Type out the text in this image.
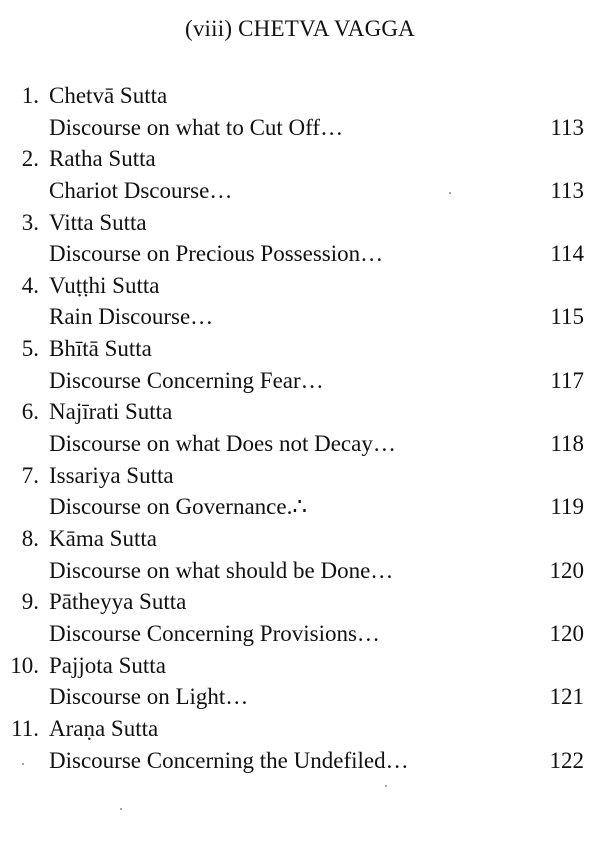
(viii) CHETVA VAGGA
1. Chetvā Sutta
Discourse on what to Cut Off…	113
2. Ratha Sutta
Chariot Dscourse…	113
3. Vitta Sutta
Discourse on Precious Possession…	114
4. Vuṭṭhi Sutta
Rain Discourse…	115
5. Bhītā Sutta
Discourse Concerning Fear…	117
6. Najīrati Sutta
Discourse on what Does not Decay…	118
7. Issariya Sutta
Discourse on Governance.∴	119
8. Kāma Sutta
Discourse on what should be Done…	120
9. Pātheyya Sutta
Discourse Concerning Provisions…	120
10. Pajjota Sutta
Discourse on Light…	121
11. Araṇa Sutta
Discourse Concerning the Undefiled…	122
